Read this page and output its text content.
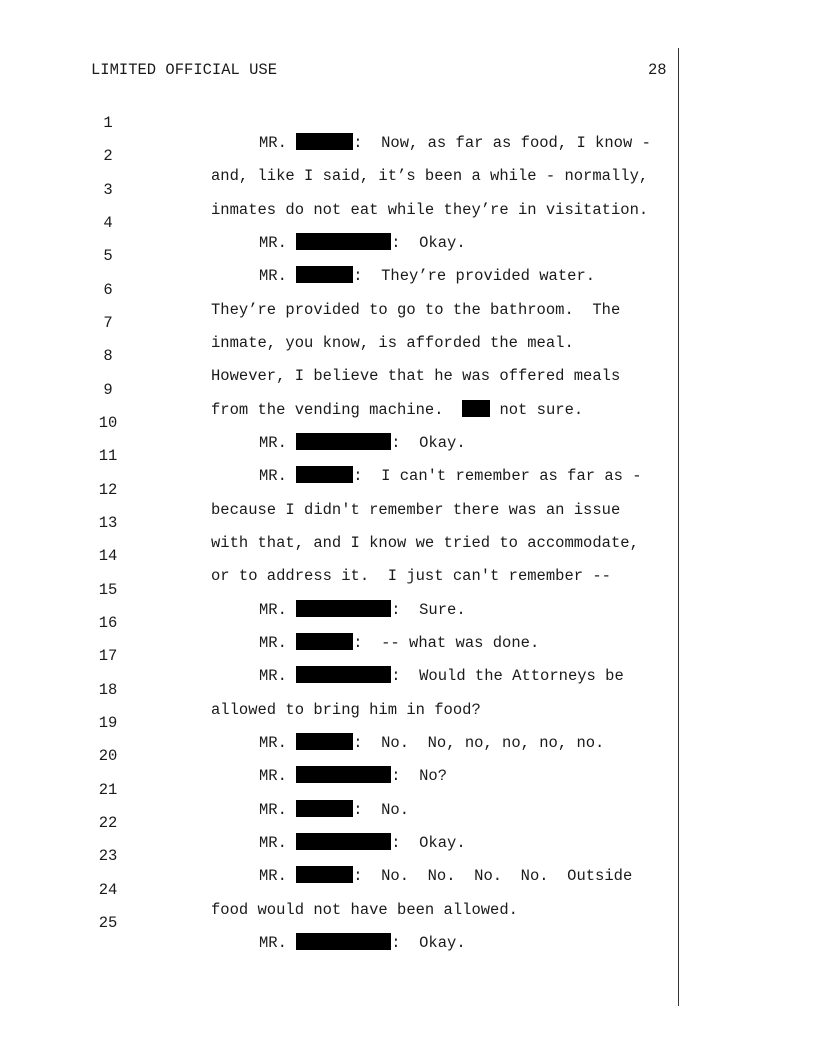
LIMITED OFFICIAL USE	28

1

MR.	:  Now, as far as food, I know -

2

and, like I said, it’s been a while - normally,

3

inmates do not eat while they’re in visitation.

4

MR.	:  Okay.

5

MR.	:  They’re provided water.

6

They’re provided to go to the bathroom.  The

7

inmate, you know, is afforded the meal.

8

However, I believe that he was offered meals

9

from the vending machine.   not sure.

10

MR.	:  Okay.

11

MR.	:  I can't remember as far as -

12

because I didn't remember there was an issue

13

with that, and I know we tried to accommodate,

14

or to address it.  I just can't remember --

15

MR.	:  Sure.

16

MR.	:  -- what was done.

17

MR.	:  Would the Attorneys be

18

allowed to bring him in food?

19

MR.	:  No.  No, no, no, no, no.

20

MR.	:  No?

21

MR.	:  No.

22

MR.	:  Okay.

23

MR.	:  No.  No.  No.  No.  Outside

24

food would not have been allowed.

25

MR.	:  Okay.
